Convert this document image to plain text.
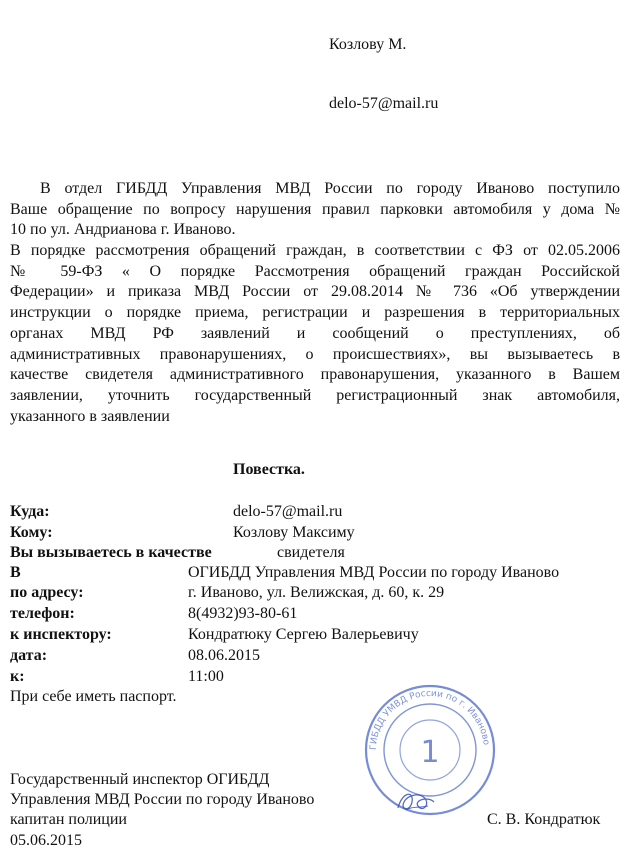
Козлову М.
delo-57@mail.ru
В отдел ГИБДД Управления МВД России по городу Иваново поступило
Ваше обращение по вопросу нарушения правил парковки автомобиля у дома №
10 по ул. Андрианова г. Иваново.
В порядке рассмотрения обращений граждан, в соответствии с ФЗ от 02.05.2006
№ 59-ФЗ « О порядке Рассмотрения обращений граждан Российской
Федерации» и приказа МВД России от 29.08.2014 № 736 «Об утверждении
инструкции о порядке приема, регистрации и разрешения в территориальных
органах МВД РФ заявлений и сообщений о преступлениях, об
административных правонарушениях, о происшествиях», вы вызываетесь в
качестве свидетеля административного правонарушения, указанного в Вашем
заявлении, уточнить государственный регистрационный знак автомобиля,
указанного в заявлении
Повестка.
Куда:	delo-57@mail.ru
Кому:	Козлову Максиму
Вы вызываетесь в качестве	свидетеля
В	ОГИБДД Управления МВД России по городу Иваново
по адресу:	г. Иваново, ул. Велижская, д. 60, к. 29
телефон:	8(4932)93-80-61
к инспектору:	Кондратюку Сергею Валерьевичу
дата:	08.06.2015
к:	11:00
При себе иметь паспорт.
ГИБДД УМВД России по г. Иваново
1
Государственный инспектор ОГИБДД
Управления МВД России по городу Иваново
капитан полиции
05.06.2015
С. В. Кондратюк
